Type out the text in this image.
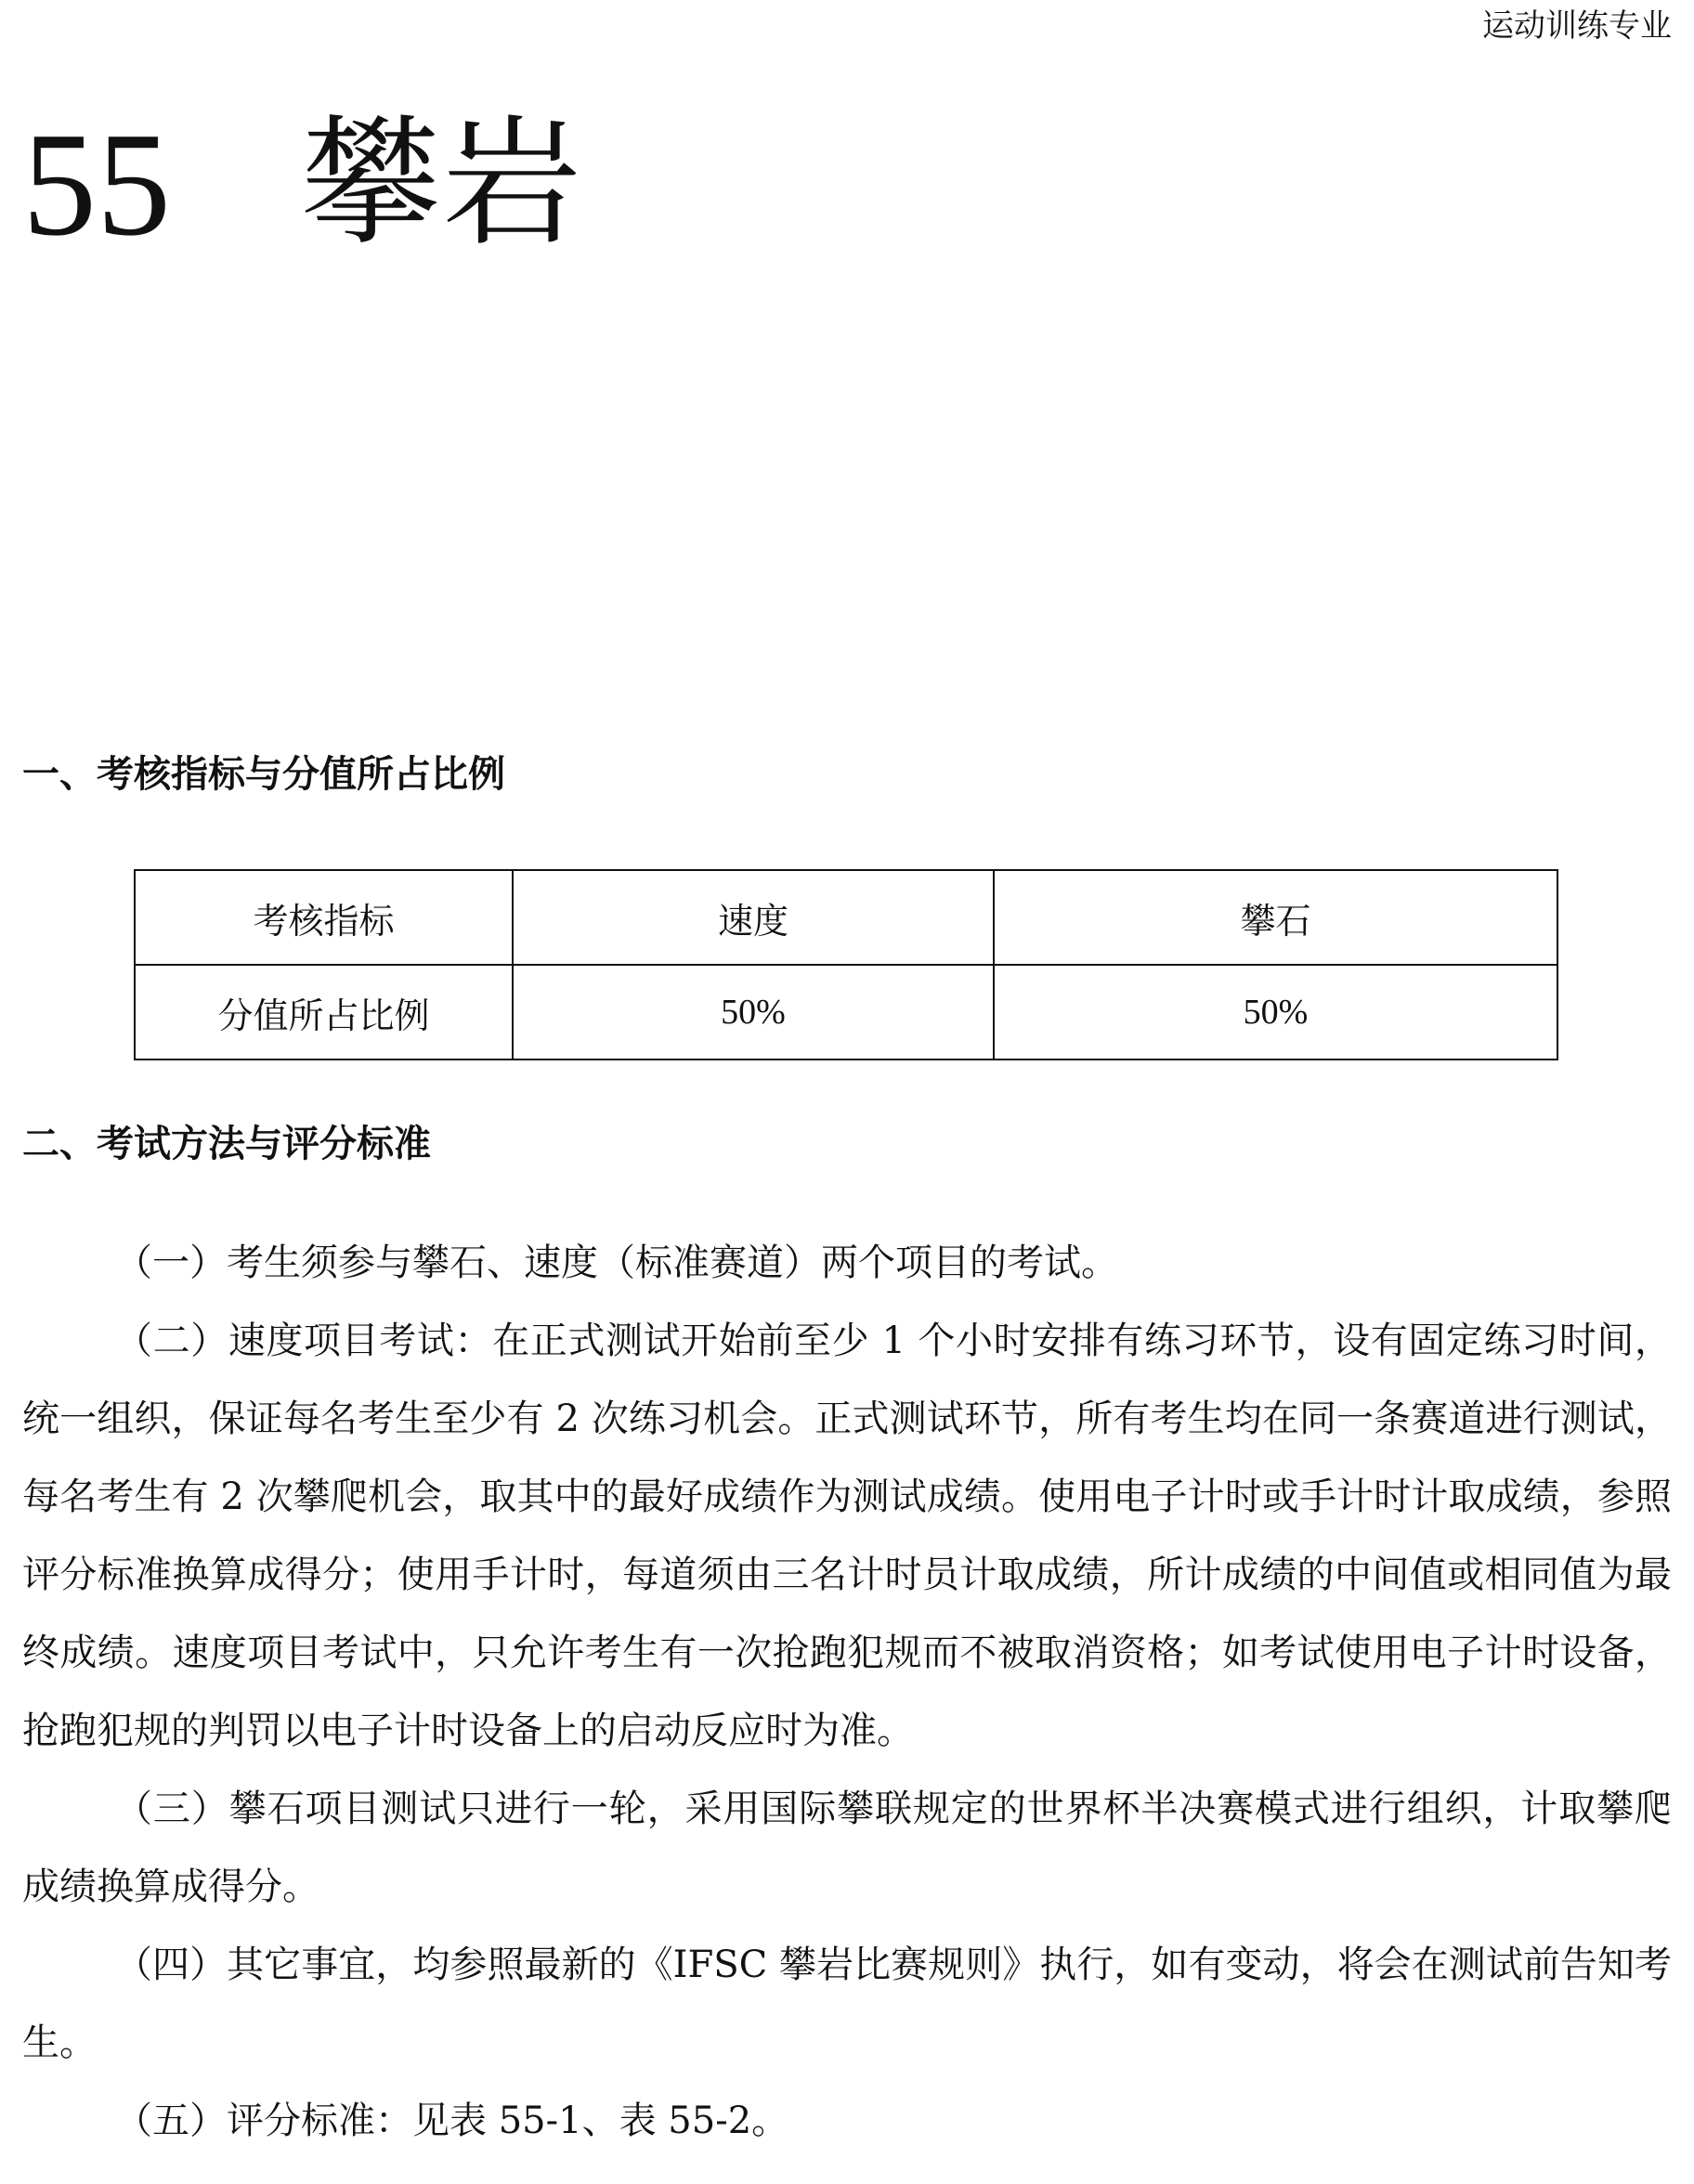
运动训练专业
55 攀岩
一、考核指标与分值所占比例
考核指标	速度	攀石
分值所占比例	50%	50%
二、考试方法与评分标准

（一）考生须参与攀石、速度（标准赛道）两个项目的考试。

（二）速度项目考试：在正式测试开始前至少 1 个小时安排有练习环节，设有固定练习时间，统一组织，保证每名考生至少有 2 次练习机会。正式测试环节，所有考生均在同一条赛道进行测试，每名考生有 2 次攀爬机会，取其中的最好成绩作为测试成绩。使用电子计时或手计时计取成绩，参照评分标准换算成得分；使用手计时，每道须由三名计时员计取成绩，所计成绩的中间值或相同值为最终成绩。速度项目考试中，只允许考生有一次抢跑犯规而不被取消资格；如考试使用电子计时设备，抢跑犯规的判罚以电子计时设备上的启动反应时为准。

（三）攀石项目测试只进行一轮，采用国际攀联规定的世界杯半决赛模式进行组织，计取攀爬成绩换算成得分。

（四）其它事宜，均参照最新的《IFSC 攀岩比赛规则》执行，如有变动，将会在测试前告知考生。

（五）评分标准：见表 55-1、表 55-2。
